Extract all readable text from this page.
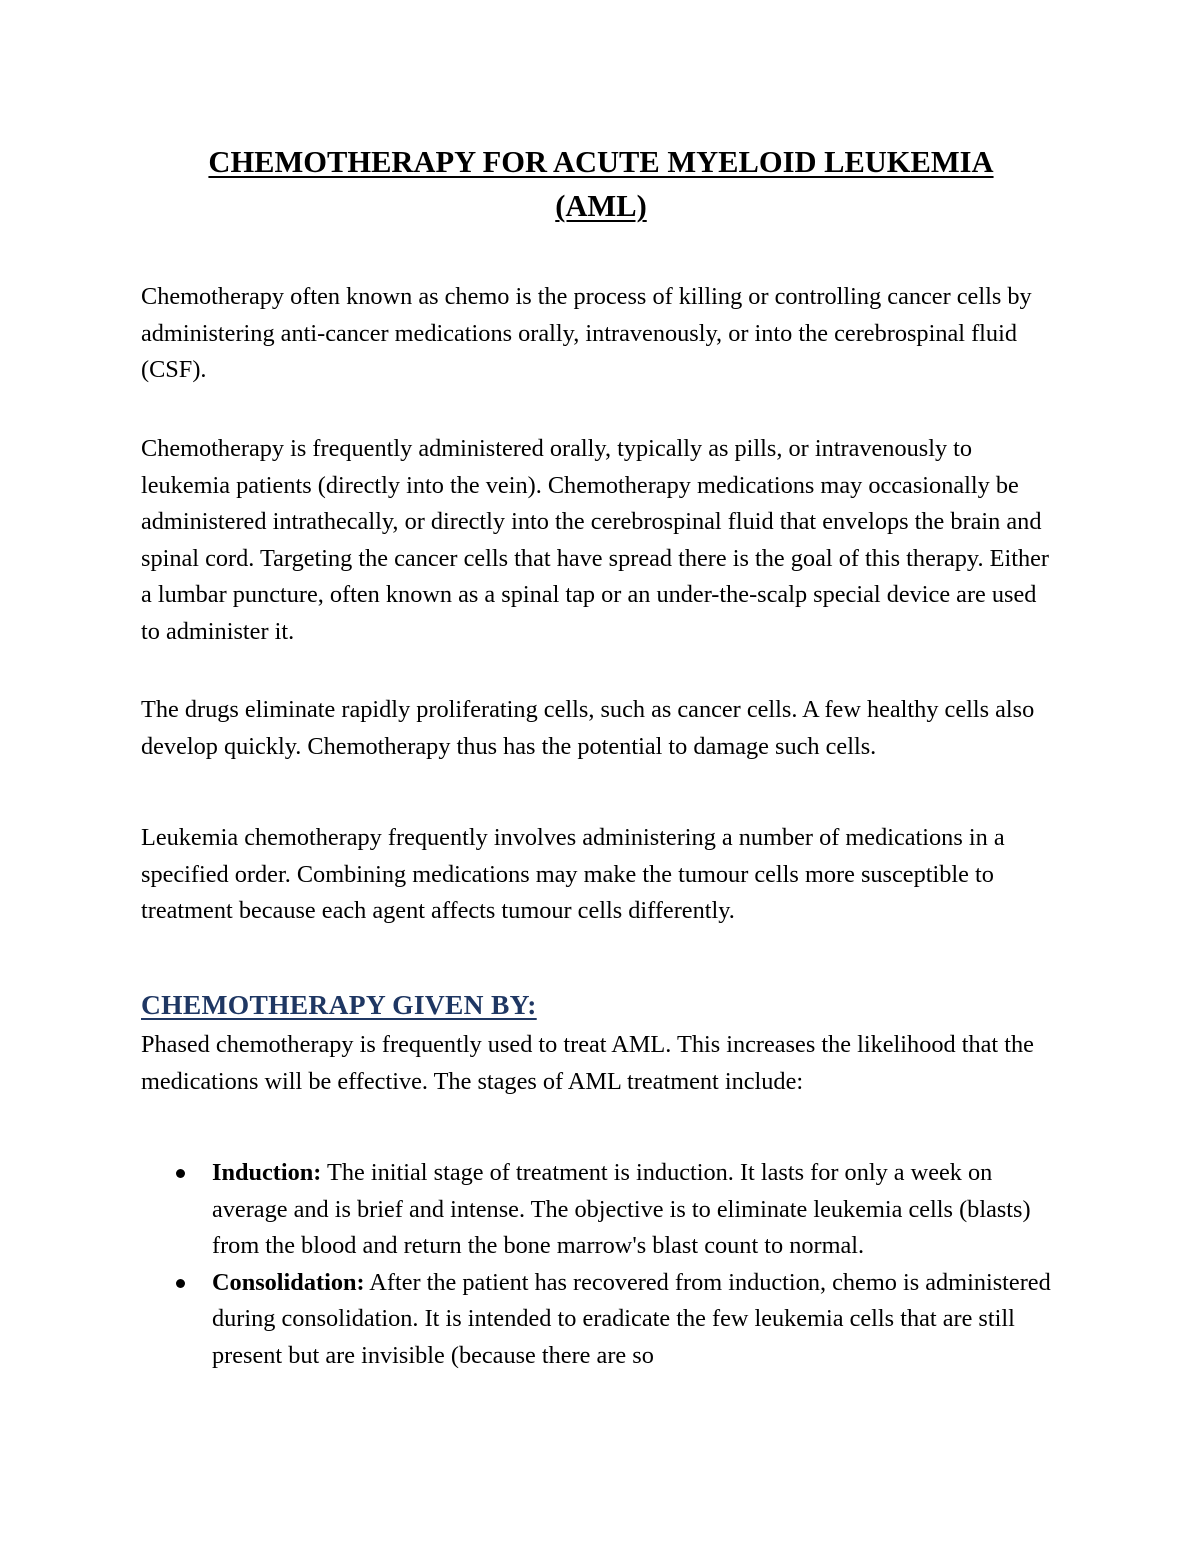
CHEMOTHERAPY FOR ACUTE MYELOID LEUKEMIA
(AML)

Chemotherapy often known as chemo is the process of killing or controlling cancer cells by administering anti-cancer medications orally, intravenously, or into the cerebrospinal fluid (CSF).

Chemotherapy is frequently administered orally, typically as pills, or intravenously to leukemia patients (directly into the vein). Chemotherapy medications may occasionally be administered intrathecally, or directly into the cerebrospinal fluid that envelops the brain and spinal cord. Targeting the cancer cells that have spread there is the goal of this therapy. Either a lumbar puncture, often known as a spinal tap or an under-the-scalp special device are used to administer it.

The drugs eliminate rapidly proliferating cells, such as cancer cells. A few healthy cells also develop quickly. Chemotherapy thus has the potential to damage such cells.

Leukemia chemotherapy frequently involves administering a number of medications in a specified order. Combining medications may make the tumour cells more susceptible to treatment because each agent affects tumour cells differently.

CHEMOTHERAPY GIVEN BY:

Phased chemotherapy is frequently used to treat AML. This increases the likelihood that the medications will be effective. The stages of AML treatment include:

Induction: The initial stage of treatment is induction. It lasts for only a week on average and is brief and intense. The objective is to eliminate leukemia cells (blasts) from the blood and return the bone marrow's blast count to normal.
Consolidation: After the patient has recovered from induction, chemo is administered during consolidation. It is intended to eradicate the few leukemia cells that are still present but are invisible (because there are so
